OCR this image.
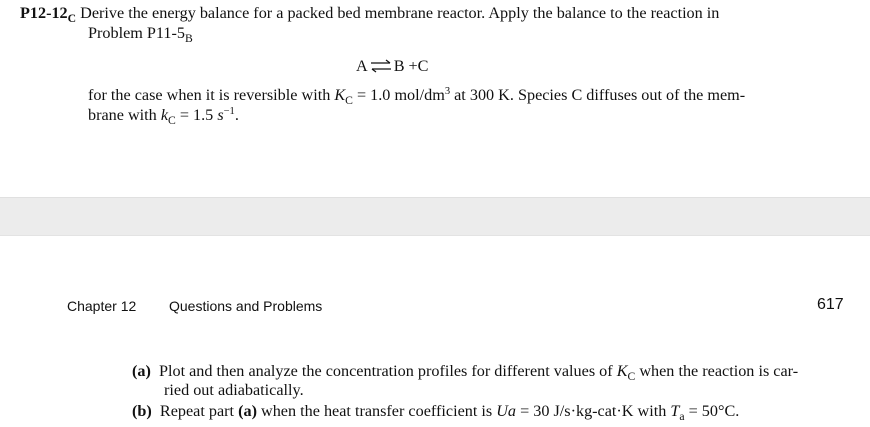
$P12-12_C$ Derive the energy balance for a packed bed membrane reactor. Apply the balance to the reaction in
Problem $P11-5_B$
A ⇌ B +C
for the case when it is reversible with $K_C = 1.0$ mol/$dm^3$ at 300 K. Species C diffuses out of the mem-
brane with $k_C = 1.5$ $s^{-1}$.
Chapter 12 Questions and Problems	617
(a) Plot and then analyze the concentration profiles for different values of $K_C$ when the reaction is car-
ried out adiabatically.
(b) Repeat part (a) when the heat transfer coefficient is Ua = 30 J/s·kg-cat·K with $T_a = 50^\circ C$.
